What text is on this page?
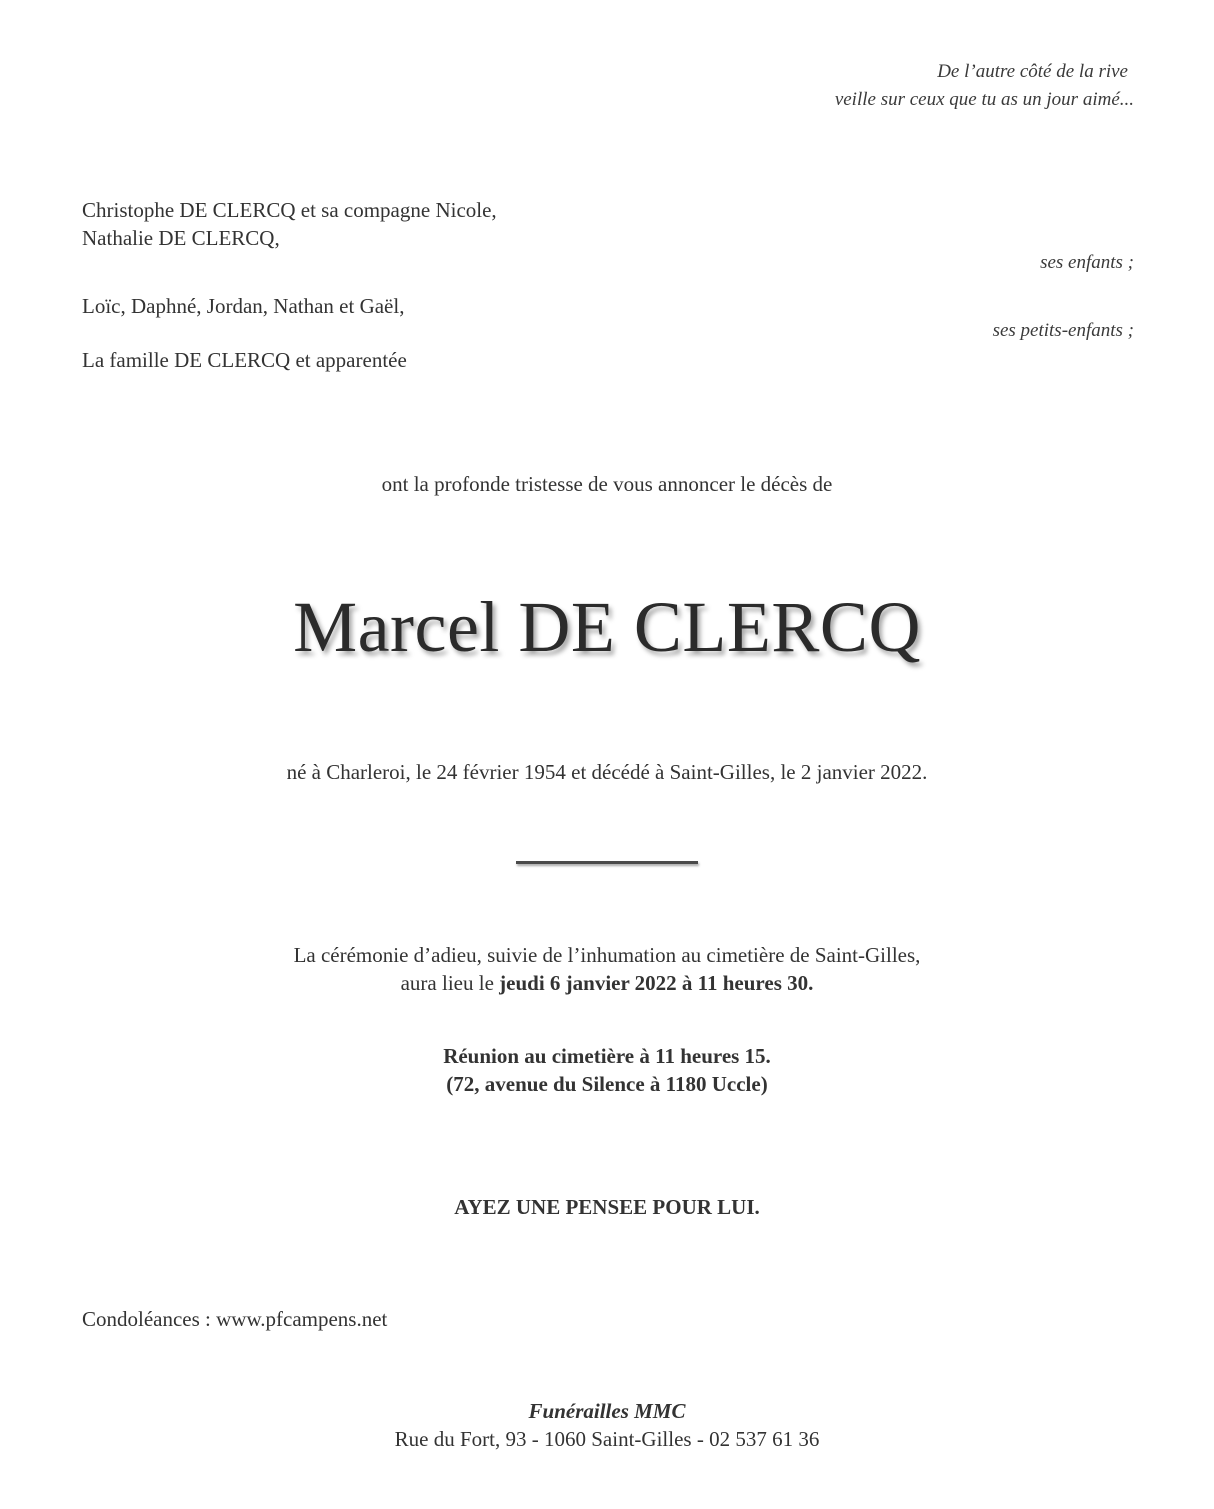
De l’autre côté de la rive
veille sur ceux que tu as un jour aimé...
Christophe DE CLERCQ et sa compagne Nicole,
Nathalie DE CLERCQ,
ses enfants ;
Loïc, Daphné, Jordan, Nathan et Gaël,
ses petits-enfants ;
La famille DE CLERCQ et apparentée
ont la profonde tristesse de vous annoncer le décès de
Marcel DE CLERCQ
né à Charleroi, le 24 février 1954 et décédé à Saint-Gilles, le 2 janvier 2022.
La cérémonie d’adieu, suivie de l’inhumation au cimetière de Saint-Gilles,
aura lieu le jeudi 6 janvier 2022 à 11 heures 30.
Réunion au cimetière à 11 heures 15.
(72, avenue du Silence à 1180 Uccle)
AYEZ UNE PENSEE POUR LUI.
Condoléances : www.pfcampens.net
Funérailles MMC
Rue du Fort, 93 - 1060 Saint-Gilles - 02 537 61 36
